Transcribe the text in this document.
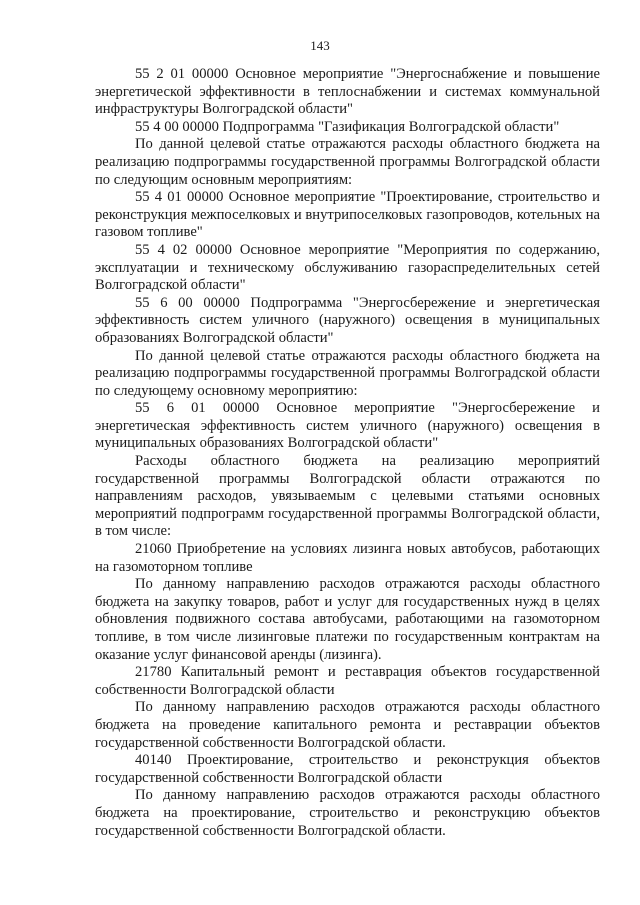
143

55 2 01 00000 Основное мероприятие "Энергоснабжение и повышение энергетической эффективности в теплоснабжении и системах коммунальной инфраструктуры Волгоградской области"

55 4 00 00000 Подпрограмма "Газификация Волгоградской области"

По данной целевой статье отражаются расходы областного бюджета на реализацию подпрограммы государственной программы Волгоградской области по следующим основным мероприятиям:

55 4 01 00000 Основное мероприятие "Проектирование, строительство и реконструкция межпоселковых и внутрипоселковых газопроводов, котельных на газовом топливе"

55 4 02 00000 Основное мероприятие "Мероприятия по содержанию, эксплуатации и техническому обслуживанию газораспределительных сетей Волгоградской области"

55 6 00 00000 Подпрограмма "Энергосбережение и энергетическая эффективность систем уличного (наружного) освещения в муниципальных образованиях Волгоградской области"

По данной целевой статье отражаются расходы областного бюджета на реализацию подпрограммы государственной программы Волгоградской области по следующему основному мероприятию:

55 6 01 00000 Основное мероприятие "Энергосбережение и энергетическая эффективность систем уличного (наружного) освещения в муниципальных образованиях Волгоградской области"

Расходы областного бюджета на реализацию мероприятий государственной программы Волгоградской области отражаются по направлениям расходов, увязываемым с целевыми статьями основных мероприятий подпрограмм государственной программы Волгоградской области, в том числе:

21060 Приобретение на условиях лизинга новых автобусов, работающих на газомоторном топливе

По данному направлению расходов отражаются расходы областного бюджета на закупку товаров, работ и услуг для государственных нужд в целях обновления подвижного состава автобусами, работающими на газомоторном топливе, в том числе лизинговые платежи по государственным контрактам на оказание услуг финансовой аренды (лизинга).

21780 Капитальный ремонт и реставрация объектов государственной собственности Волгоградской области

По данному направлению расходов отражаются расходы областного бюджета на проведение капитального ремонта и реставрации объектов государственной собственности Волгоградской области.

40140 Проектирование, строительство и реконструкция объектов государственной собственности Волгоградской области

По данному направлению расходов отражаются расходы областного бюджета на проектирование, строительство и реконструкцию объектов государственной собственности Волгоградской области.
